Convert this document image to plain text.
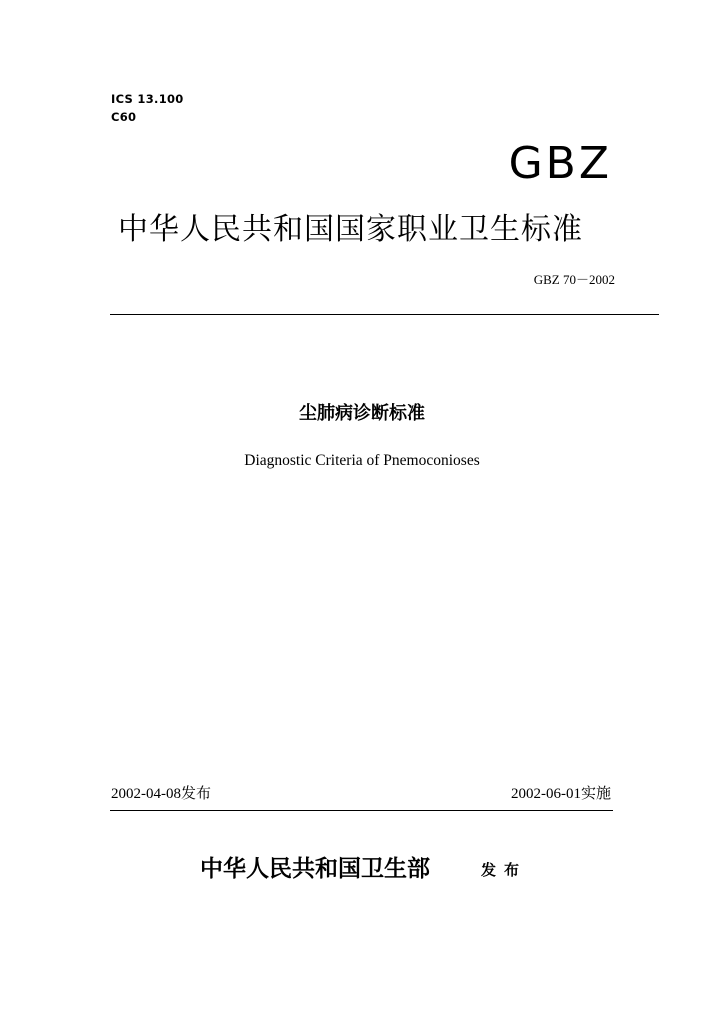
ICS 13.100
C60
GBZ
中华人民共和国国家职业卫生标准
GBZ 70－2002
尘肺病诊断标准
Diagnostic Criteria of Pnemoconioses
2002-04-08发布	2002-06-01实施
中华人民共和国卫生部	发布
